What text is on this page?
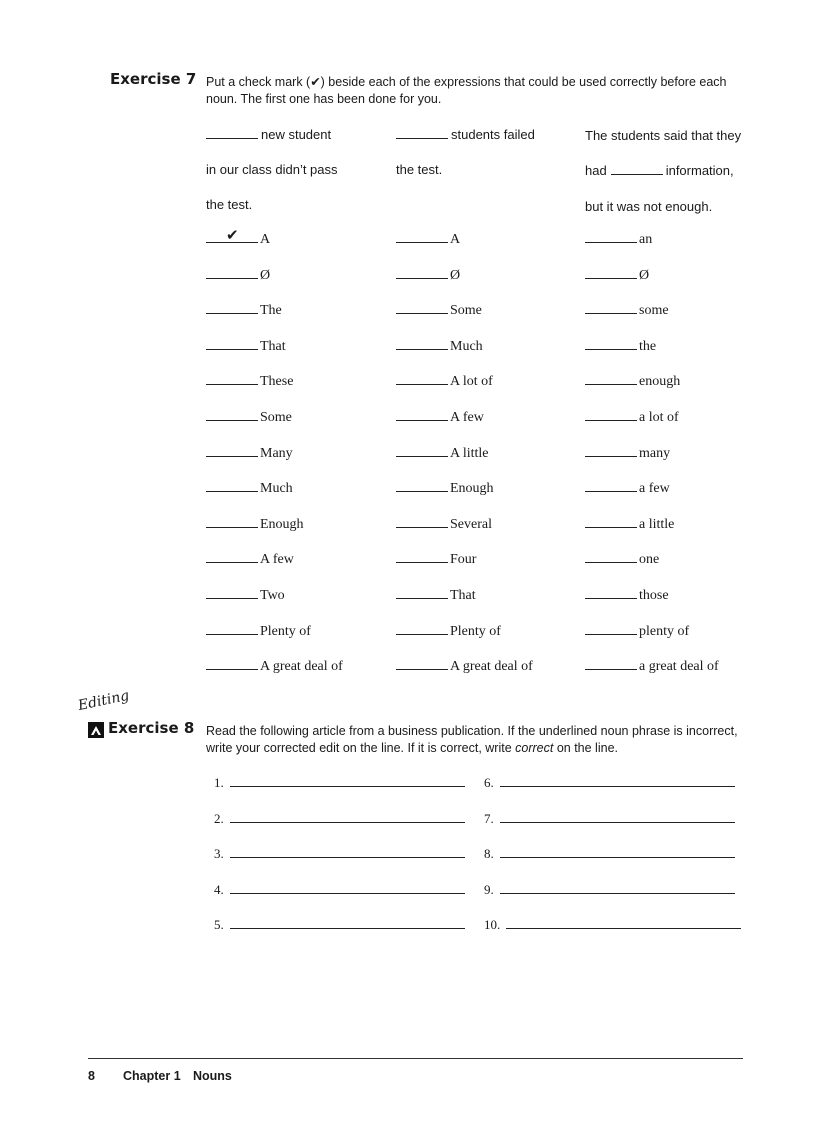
Exercise 7 Put a check mark (✔) beside each of the expressions that could be used correctly before each noun. The first one has been done for you.
new student
in our class didn’t pass
the test.
students failed
the test.
The students said that they
had	information,
but it was not enough.
✔ A
Ø
The
That
These
Some
Many
Much
Enough
A few
Two
Plenty of
A great deal of
A
Ø
Some
Much
A lot of
A few
A little
Enough
Several
Four
That
Plenty of
A great deal of
an
Ø
some
the
enough
a lot of
many
a few
a little
one
those
plenty of
a great deal of
Editing
Exercise 8 Read the following article from a business publication. If the underlined noun phrase is incorrect, write your corrected edit on the line. If it is correct, write correct on the line.
1.
2.
3.
4.
5.
6.
7.
8.
9.
10.
8 Chapter 1 Nouns
